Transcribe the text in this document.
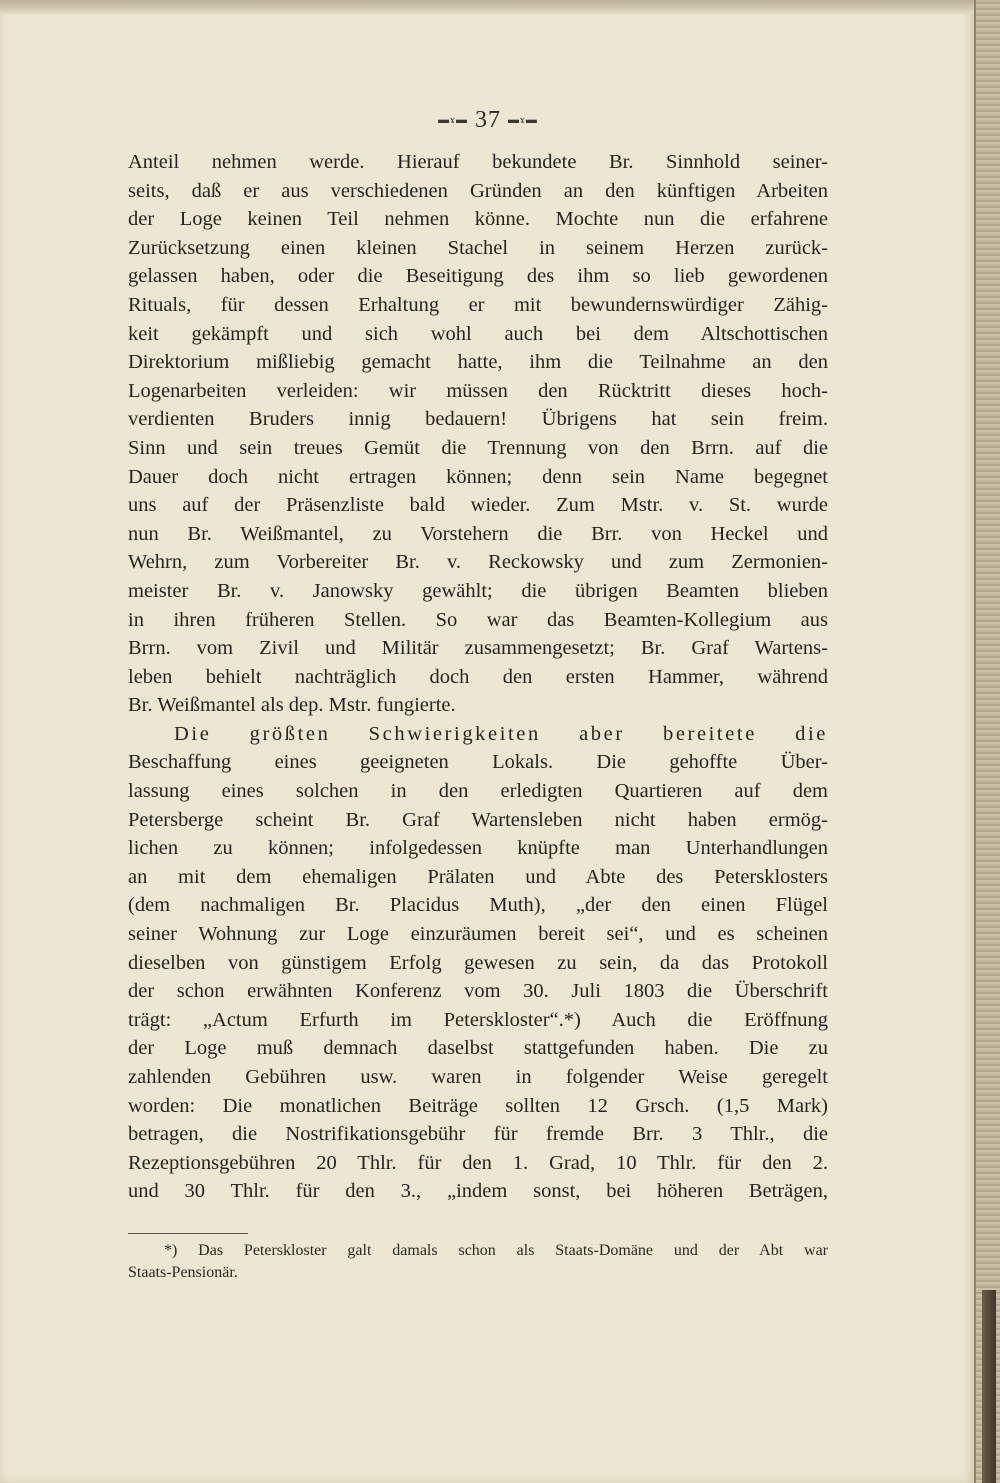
▬ɤ▬ 37 ▬ɤ▬
Anteil nehmen werde. Hierauf bekundete Br. Sinnhold seiner-
seits, daß er aus verschiedenen Gründen an den künftigen Arbeiten
der Loge keinen Teil nehmen könne. Mochte nun die erfahrene
Zurücksetzung einen kleinen Stachel in seinem Herzen zurück-
gelassen haben, oder die Beseitigung des ihm so lieb gewordenen
Rituals, für dessen Erhaltung er mit bewundernswürdiger Zähig-
keit gekämpft und sich wohl auch bei dem Altschottischen
Direktorium mißliebig gemacht hatte, ihm die Teilnahme an den
Logenarbeiten verleiden: wir müssen den Rücktritt dieses hoch-
verdienten Bruders innig bedauern! Übrigens hat sein freim.
Sinn und sein treues Gemüt die Trennung von den Brrn. auf die
Dauer doch nicht ertragen können; denn sein Name begegnet
uns auf der Präsenzliste bald wieder. Zum Mstr. v. St. wurde
nun Br. Weißmantel, zu Vorstehern die Brr. von Heckel und
Wehrn, zum Vorbereiter Br. v. Reckowsky und zum Zermonien-
meister Br. v. Janowsky gewählt; die übrigen Beamten blieben
in ihren früheren Stellen. So war das Beamten-Kollegium aus
Brrn. vom Zivil und Militär zusammengesetzt; Br. Graf Wartens-
leben behielt nachträglich doch den ersten Hammer, während
Br. Weißmantel als dep. Mstr. fungierte.
Die größten Schwierigkeiten aber bereitete die
Beschaffung eines geeigneten Lokals. Die gehoffte Über-
lassung eines solchen in den erledigten Quartieren auf dem
Petersberge scheint Br. Graf Wartensleben nicht haben ermög-
lichen zu können; infolgedessen knüpfte man Unterhandlungen
an mit dem ehemaligen Prälaten und Abte des Petersklosters
(dem nachmaligen Br. Placidus Muth), „der den einen Flügel
seiner Wohnung zur Loge einzuräumen bereit sei“, und es scheinen
dieselben von günstigem Erfolg gewesen zu sein, da das Protokoll
der schon erwähnten Konferenz vom 30. Juli 1803 die Überschrift
trägt: „Actum Erfurth im Peterskloster“.*) Auch die Eröffnung
der Loge muß demnach daselbst stattgefunden haben. Die zu
zahlenden Gebühren usw. waren in folgender Weise geregelt
worden: Die monatlichen Beiträge sollten 12 Grsch. (1,5 Mark)
betragen, die Nostrifikationsgebühr für fremde Brr. 3 Thlr., die
Rezeptionsgebühren 20 Thlr. für den 1. Grad, 10 Thlr. für den 2.
und 30 Thlr. für den 3., „indem sonst, bei höheren Beträgen,
*) Das Peterskloster galt damals schon als Staats-Domäne und der Abt war
Staats-Pensionär.
